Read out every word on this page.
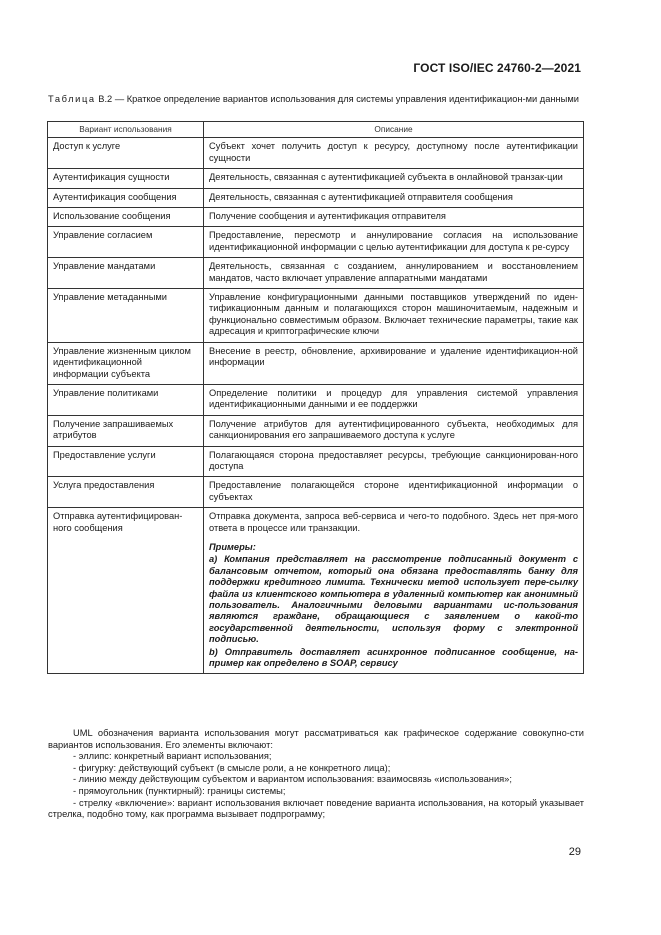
ГОСТ ISO/IEC 24760-2—2021
Таблица В.2 — Краткое определение вариантов использования для системы управления идентификацион-ми данными
Вариант использования	Описание
Доступ к услуге	Субъект хочет получить доступ к ресурсу, доступному после аутентификации сущности
Аутентификация сущности	Деятельность, связанная с аутентификацией субъекта в онлайновой транзак-ции
Аутентификация сообщения	Деятельность, связанная с аутентификацией отправителя сообщения
Использование сообщения	Получение сообщения и аутентификация отправителя
Управление согласием	Предоставление, пересмотр и аннулирование согласия на использование идентификационной информации с целью аутентификации для доступа к ре-сурсу
Управление мандатами	Деятельность, связанная с созданием, аннулированием и восстановлением мандатов, часто включает управление аппаратными мандатами
Управление метаданными	Управление конфигурационными данными поставщиков утверждений по иден-тификационным данным и полагающихся сторон машиночитаемым, надежным и функционально совместимым образом. Включает технические параметры, такие как адресация и криптографические ключи
Управление жизненным циклом идентификационной информации субъекта	Внесение в реестр, обновление, архивирование и удаление идентификацион-ной информации
Управление политиками	Определение политики и процедур для управления системой управления идентификационными данными и ее поддержки
Получение запрашиваемых атрибутов	Получение атрибутов для аутентифицированного субъекта, необходимых для санкционирования его запрашиваемого доступа к услуге
Предоставление услуги	Полагающаяся сторона предоставляет ресурсы, требующие санкционирован-ного доступа
Услуга предоставления	Предоставление полагающейся стороне идентификационной информации о субъектах
Отправка аутентифицирован-ного сообщения	Отправка документа, запроса веб-сервиса и чего-то подобного. Здесь нет пря-мого ответа в процессе или транзакции.
Примеры:
а) Компания представляет на рассмотрение подписанный документ с балансовым отчетом, который она обязана предоставлять банку для поддержки кредитного лимита. Технически метод использует пере-сылку файла из клиентского компьютера в удаленный компьютер как анонимный пользователь. Аналогичными деловыми вариантами ис-пользования являются граждане, обращающиеся с заявлением о какой-то государственной деятельности, используя форму с электронной подписью.
b) Отправитель доставляет асинхронное подписанное сообщение, на-пример как определено в SOAP, сервису

UML обозначения варианта использования могут рассматриваться как графическое содержание совокупно-сти вариантов использования. Его элементы включают:

- эллипс: конкретный вариант использования;

- фигурку: действующий субъект (в смысле роли, а не конкретного лица);

- линию между действующим субъектом и вариантом использования: взаимосвязь «использования»;

- прямоугольник (пунктирный): границы системы;

- стрелку «включение»: вариант использования включает поведение варианта использования, на который указывает стрелка, подобно тому, как программа вызывает подпрограмму;

29
